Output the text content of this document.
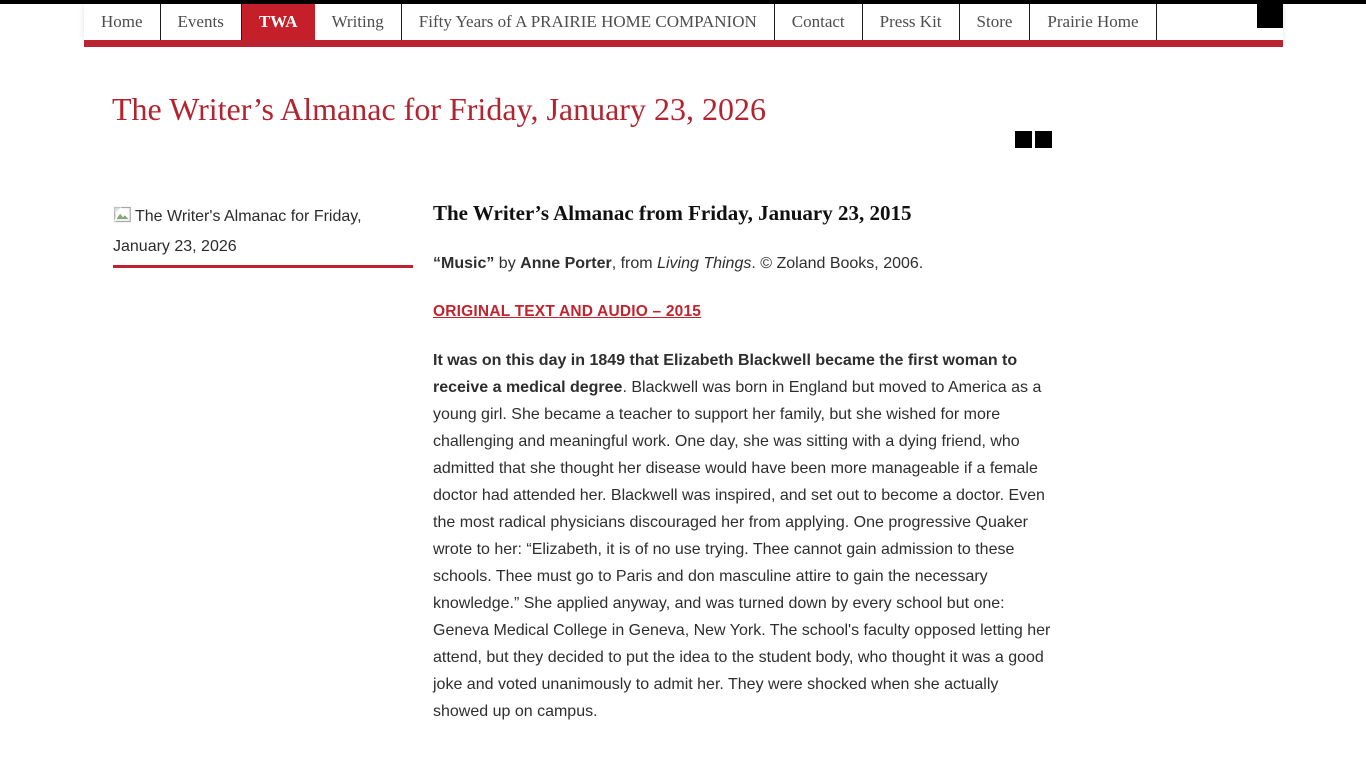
Home	Events	TWA	Writing	Fifty Years of A PRAIRIE HOME COMPANION	Contact	Press Kit	Store	Prairie Home
The Writer’s Almanac for Friday, January 23, 2026
The Writer's Almanac for Friday, January 23, 2026
The Writer’s Almanac from Friday, January 23, 2015

“Music” by Anne Porter, from Living Things. © Zoland Books, 2006.

ORIGINAL TEXT AND AUDIO – 2015

It was on this day in 1849 that Elizabeth Blackwell became the first woman to receive a medical degree. Blackwell was born in England but moved to America as a young girl. She became a teacher to support her family, but she wished for more challenging and meaningful work. One day, she was sitting with a dying friend, who admitted that she thought her disease would have been more manageable if a female doctor had attended her. Blackwell was inspired, and set out to become a doctor. Even the most radical physicians discouraged her from applying. One progressive Quaker wrote to her: “Elizabeth, it is of no use trying. Thee cannot gain admission to these schools. Thee must go to Paris and don masculine attire to gain the necessary knowledge.” She applied anyway, and was turned down by every school but one: Geneva Medical College in Geneva, New York. The school's faculty opposed letting her attend, but they decided to put the idea to the student body, who thought it was a good joke and voted unanimously to admit her. They were shocked when she actually showed up on campus.
